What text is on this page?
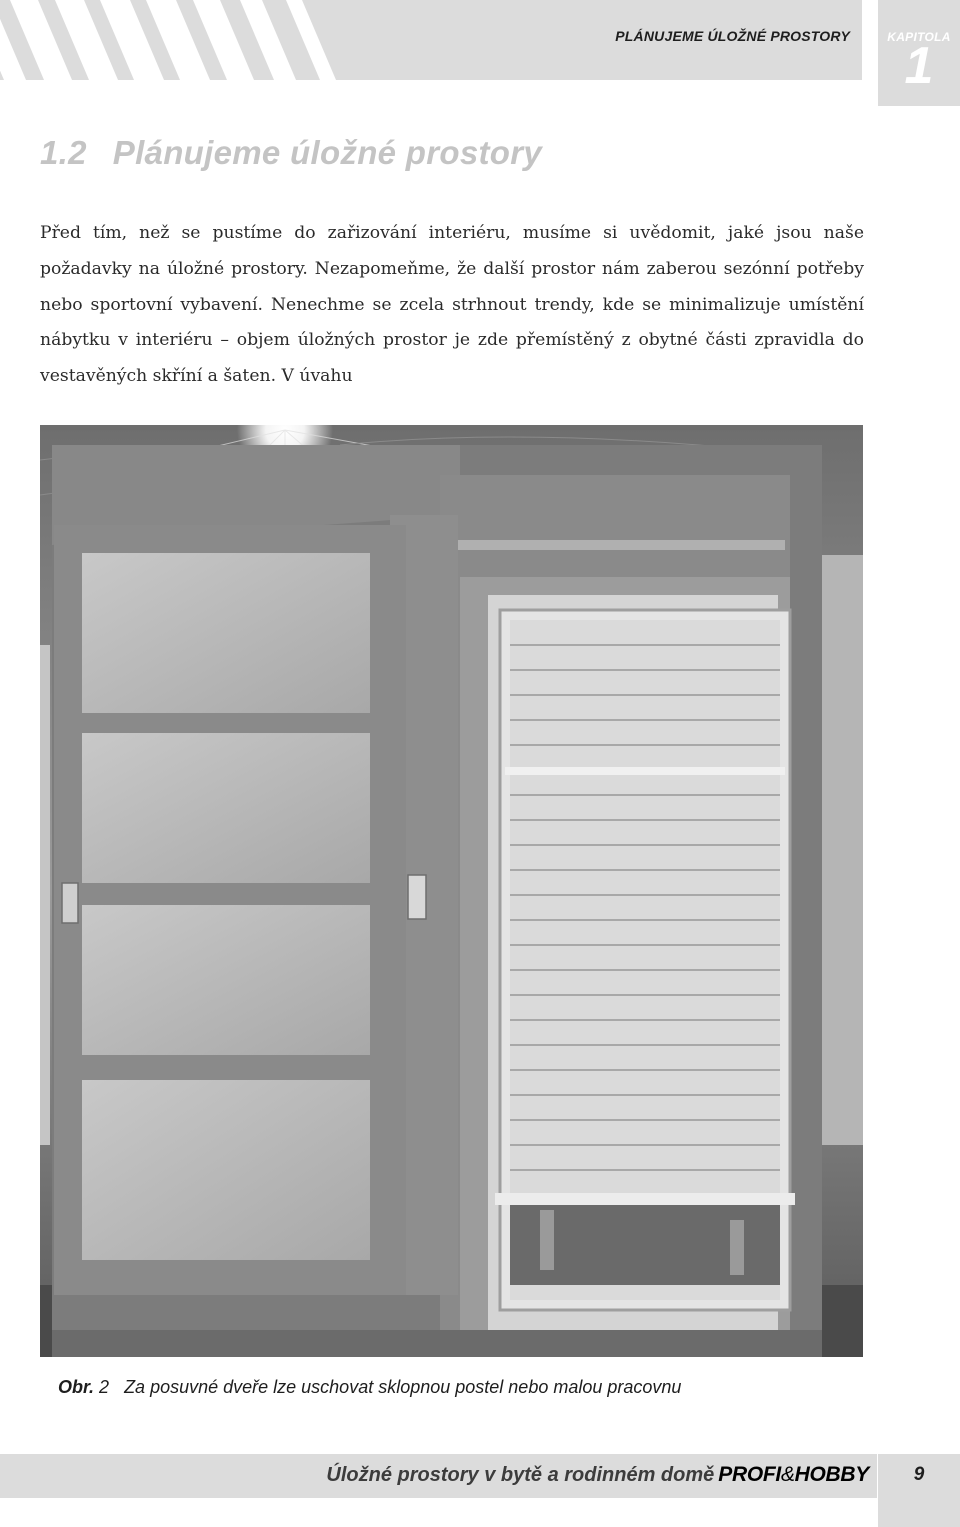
PLÁNUJEME ÚLOŽNÉ PROSTORY	KAPITOLA
1
1.2 Plánujeme úložné prostory

Před tím, než se pustíme do zařizování interiéru, musíme si uvědomit, jaké jsou naše požadavky na úložné prostory. Nezapomeňme, že další prostor nám zaberou sezónní potřeby nebo sportovní vybavení. Nenechme se zcela strhnout trendy, kde se minimalizuje umístění nábytku v interiéru – objem úložných prostor je zde přemístěný z obytné části zpravidla do vestavěných skříní a šaten. V úvahu

Obr. 2 Za posuvné dveře lze uschovat sklopnou postel nebo malou pracovnu

Úložné prostory v bytě a rodinném domě PROFI&HOBBY	9
